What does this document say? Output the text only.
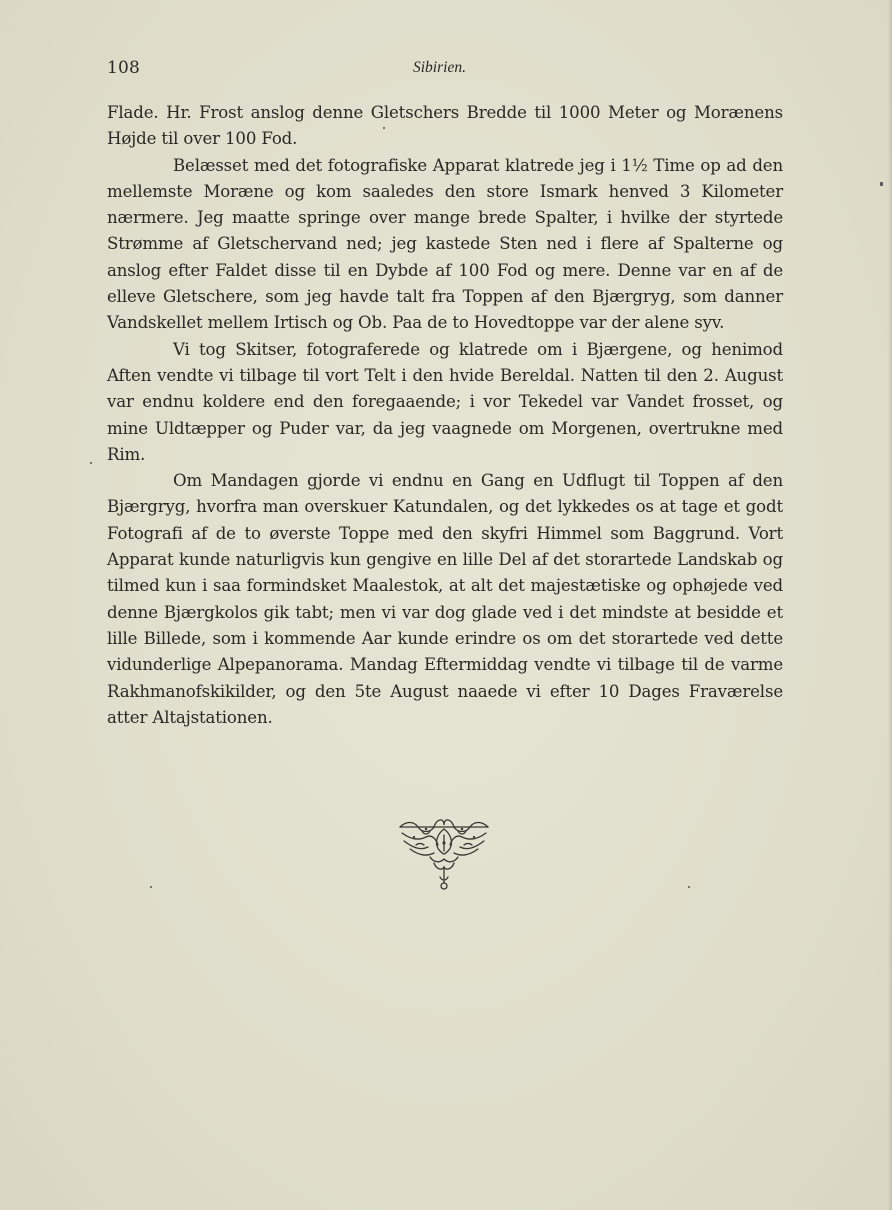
108	Sibirien.

Flade. Hr. Frost anslog denne Gletschers Bredde til 1000 Meter og Morænens Højde til over 100 Fod.

Belæsset med det fotografiske Apparat klatrede jeg i 1½ Time op ad den mellemste Moræne og kom saaledes den store Ismark henved 3 Kilometer nærmere. Jeg maatte springe over mange brede Spalter, i hvilke der styrtede Strømme af Gletschervand ned; jeg kastede Sten ned i flere af Spalterne og anslog efter Faldet disse til en Dybde af 100 Fod og mere. Denne var en af de elleve Gletschere, som jeg havde talt fra Toppen af den Bjærgryg, som danner Vandskellet mellem Irtisch og Ob. Paa de to Hovedtoppe var der alene syv.

Vi tog Skitser, fotograferede og klatrede om i Bjærgene, og henimod Aften vendte vi tilbage til vort Telt i den hvide Bereldal. Natten til den 2. August var endnu koldere end den foregaaende; i vor Tekedel var Vandet frosset, og mine Uldtæpper og Puder var, da jeg vaagnede om Morgenen, overtrukne med Rim.

Om Mandagen gjorde vi endnu en Gang en Udflugt til Toppen af den Bjærgryg, hvorfra man overskuer Katundalen, og det lykkedes os at tage et godt Fotografi af de to øverste Toppe med den skyfri Himmel som Baggrund. Vort Apparat kunde naturligvis kun gengive en lille Del af det storartede Landskab og tilmed kun i saa formindsket Maalestok, at alt det majestætiske og ophøjede ved denne Bjærgkolos gik tabt; men vi var dog glade ved i det mindste at besidde et lille Billede, som i kommende Aar kunde erindre os om det storartede ved dette vidunderlige Alpepanorama. Mandag Eftermiddag vendte vi tilbage til de varme Rakhmanofskikilder, og den 5te August naaede vi efter 10 Dages Fraværelse atter Altajstationen.
